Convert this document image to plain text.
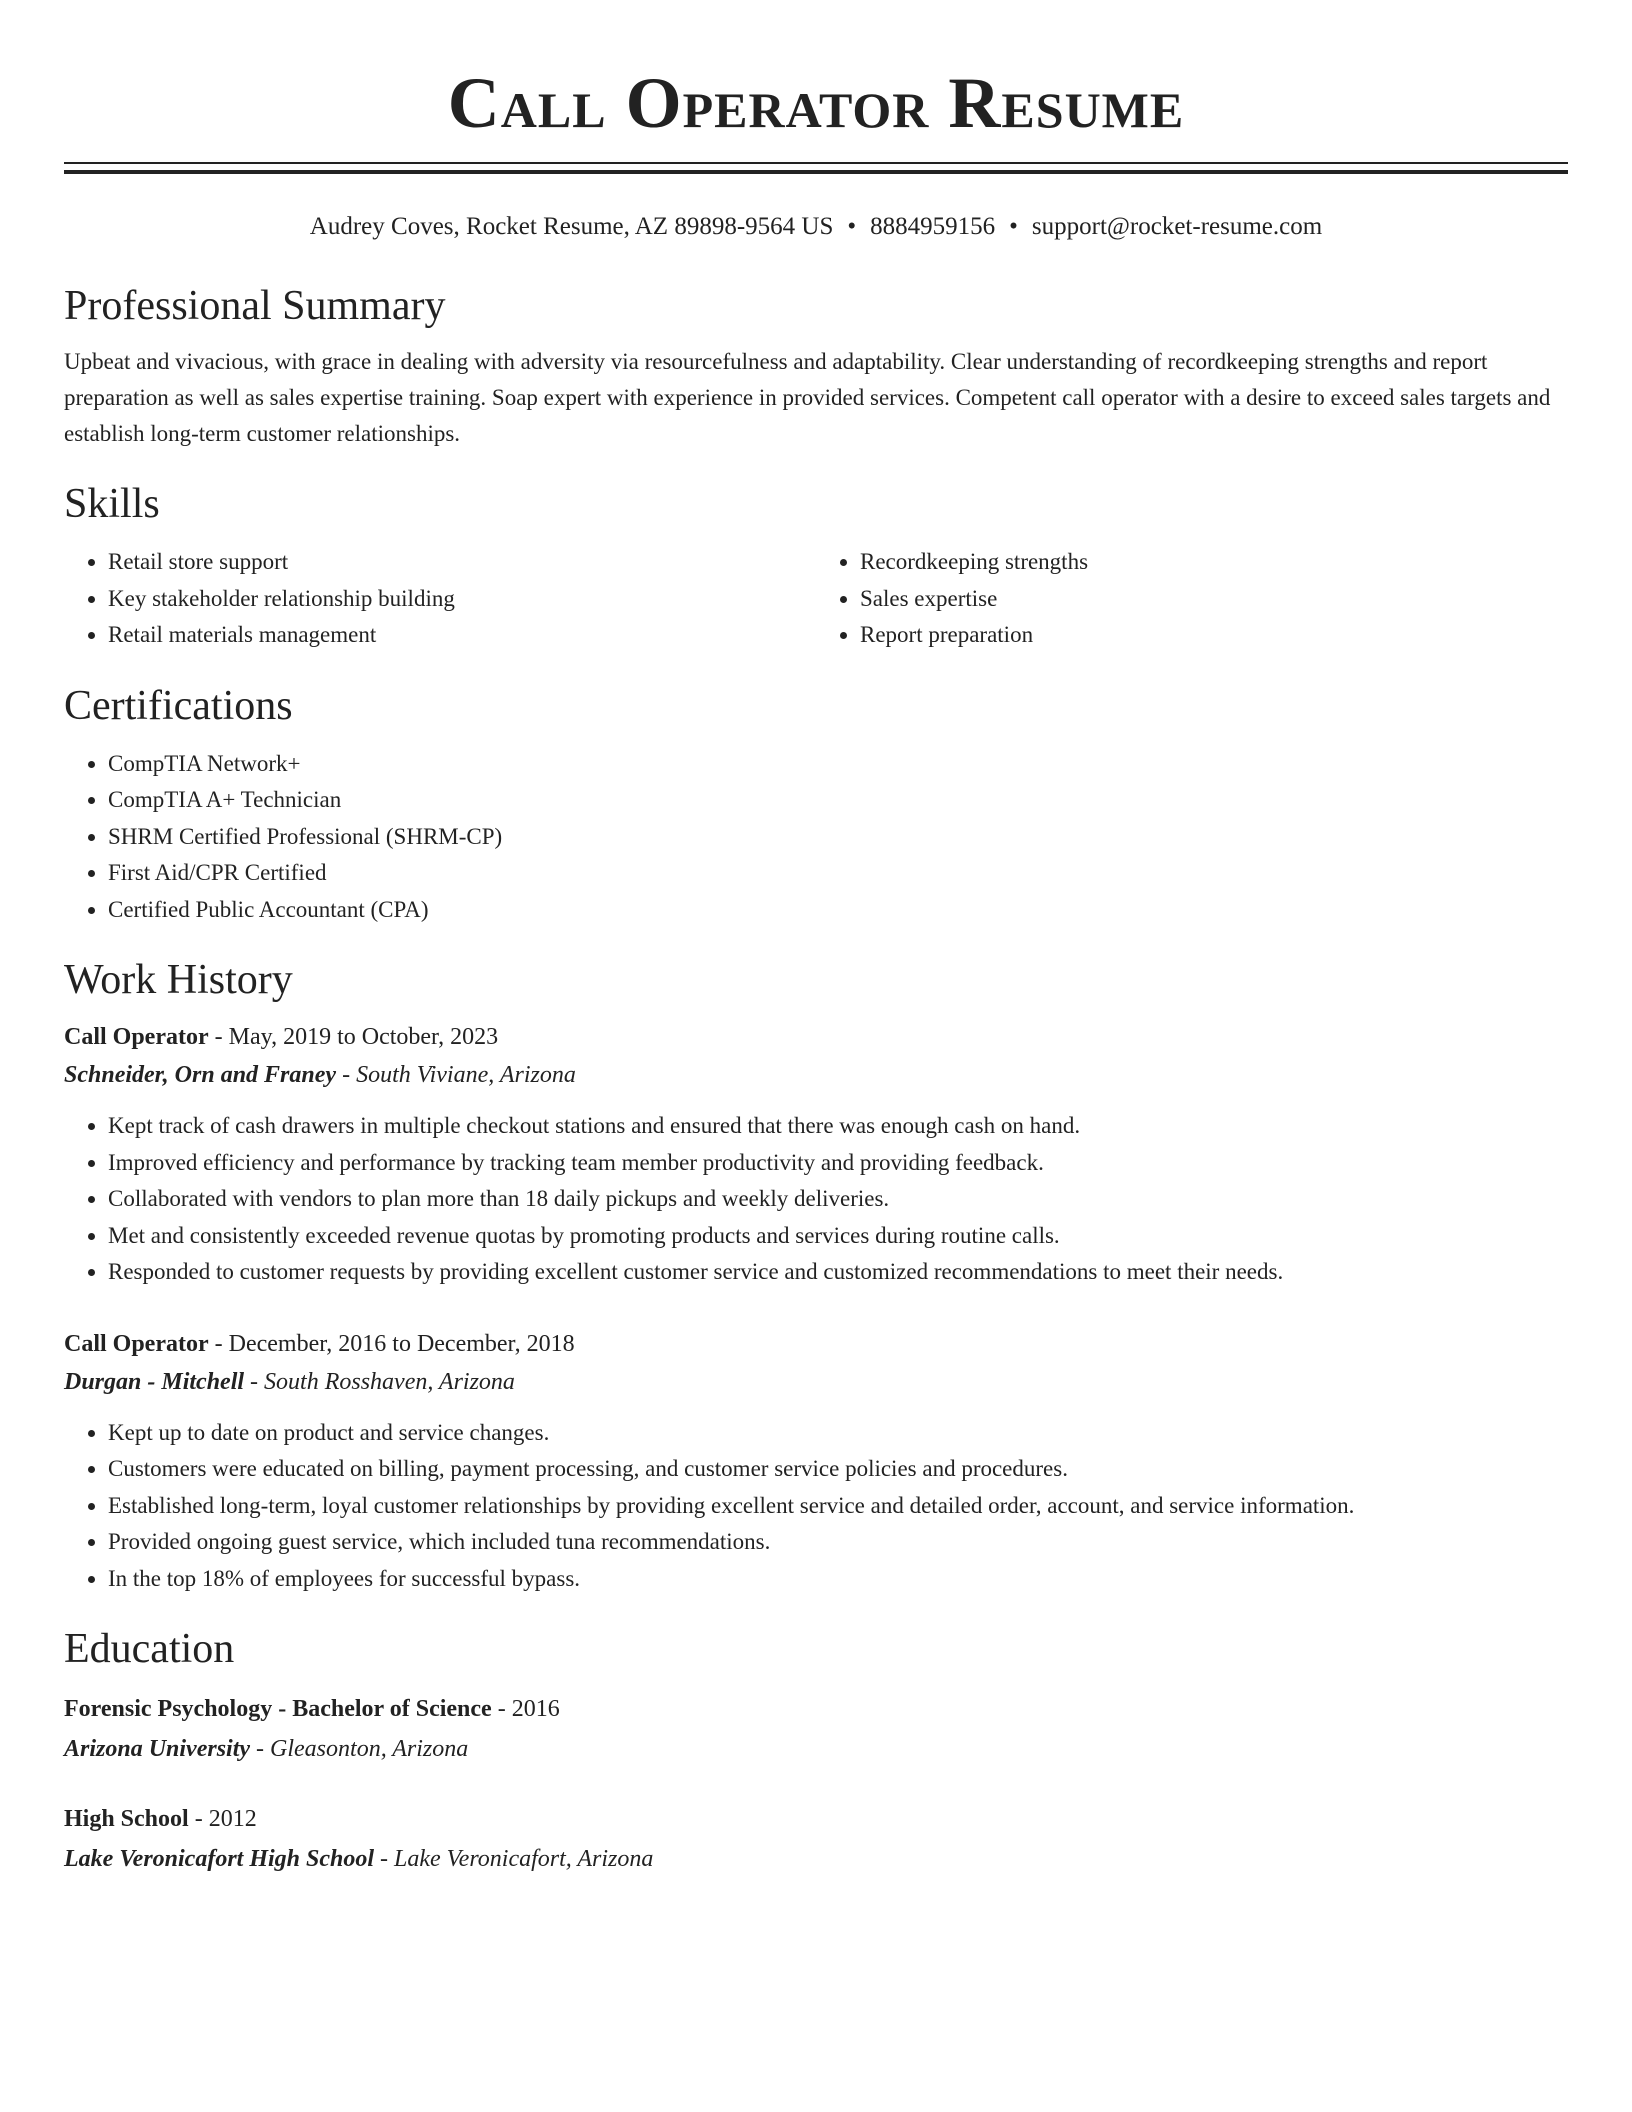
Call Operator Resume
Audrey Coves, Rocket Resume, AZ 89898-9564 US • 8884959156 • support@rocket-resume.com
Professional Summary

Upbeat and vivacious, with grace in dealing with adversity via resourcefulness and adaptability. Clear understanding of recordkeeping strengths and report preparation as well as sales expertise training. Soap expert with experience in provided services. Competent call operator with a desire to exceed sales targets and establish long-term customer relationships.

Skills
• Retail store support
• Key stakeholder relationship building
• Retail materials management
• Recordkeeping strengths
• Sales expertise
• Report preparation
Certifications
• CompTIA Network+
• CompTIA A+ Technician
• SHRM Certified Professional (SHRM-CP)
• First Aid/CPR Certified
• Certified Public Accountant (CPA)
Work History
Call Operator - May, 2019 to October, 2023
Schneider, Orn and Franey - South Viviane, Arizona
• Kept track of cash drawers in multiple checkout stations and ensured that there was enough cash on hand.
• Improved efficiency and performance by tracking team member productivity and providing feedback.
• Collaborated with vendors to plan more than 18 daily pickups and weekly deliveries.
• Met and consistently exceeded revenue quotas by promoting products and services during routine calls.
• Responded to customer requests by providing excellent customer service and customized recommendations to meet their needs.
Call Operator - December, 2016 to December, 2018
Durgan - Mitchell - South Rosshaven, Arizona
• Kept up to date on product and service changes.
• Customers were educated on billing, payment processing, and customer service policies and procedures.
• Established long-term, loyal customer relationships by providing excellent service and detailed order, account, and service information.
• Provided ongoing guest service, which included tuna recommendations.
• In the top 18% of employees for successful bypass.
Education
Forensic Psychology - Bachelor of Science - 2016
Arizona University - Gleasonton, Arizona
High School - 2012
Lake Veronicafort High School - Lake Veronicafort, Arizona
